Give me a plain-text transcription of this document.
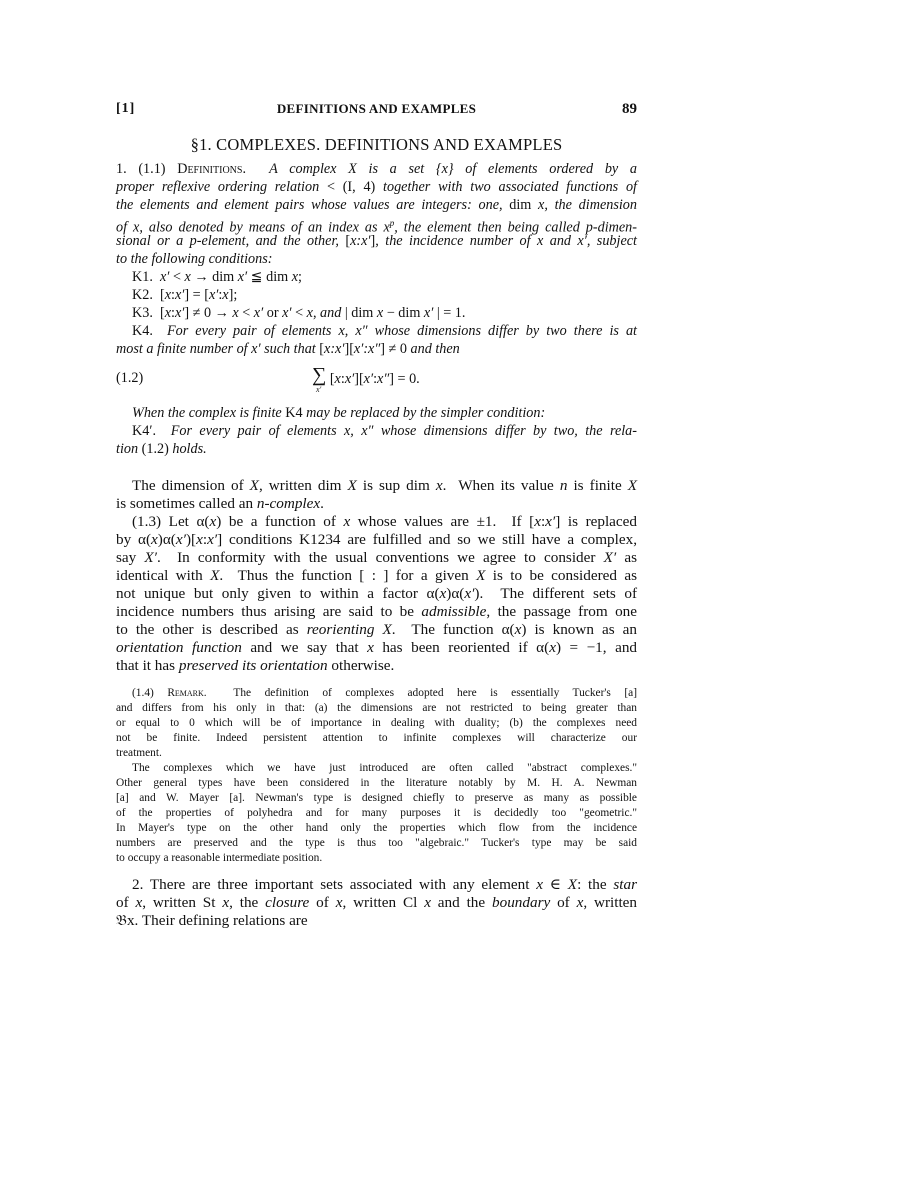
[1]	DEFINITIONS AND EXAMPLES	89
§1. COMPLEXES. DEFINITIONS AND EXAMPLES
1. (1.1) Definitions.  A complex X is a set {x} of elements ordered by a
proper reflexive ordering relation < (I, 4) together with two associated functions of
the elements and element pairs whose values are integers: one, dim x, the dimension
of x, also denoted by means of an index as $x^p$, the element then being called p-dimen-
sional or a p-element, and the other, [x:x′], the incidence number of x and x′, subject
to the following conditions:
K1.  x′ < x → dim x′ ≦ dim x;
K2.  [x:x′] = [x′:x];
K3.  [x:x′] ≠ 0 → x < x′ or x′ < x, and | dim x − dim x′ | = 1.
K4.  For every pair of elements x, x″ whose dimensions differ by two there is at
most a finite number of x′ such that [x:x′][x′:x″] ≠ 0 and then
(1.2)	∑ [x:x′][x′:x″] = 0.
x′
When the complex is finite K4 may be replaced by the simpler condition:
K4′.  For every pair of elements x, x″ whose dimensions differ by two, the rela-
tion (1.2) holds.
The dimension of X, written dim X is sup dim x.  When its value n is finite X
is sometimes called an n-complex.
(1.3) Let α(x) be a function of x whose values are ±1.  If [x:x′] is replaced
by α(x)α(x′)[x:x′] conditions K1234 are fulfilled and so we still have a complex,
say X′.  In conformity with the usual conventions we agree to consider X′ as
identical with X.  Thus the function [ : ] for a given X is to be considered as
not unique but only given to within a factor α(x)α(x′).  The different sets of
incidence numbers thus arising are said to be admissible, the passage from one
to the other is described as reorienting X.  The function α(x) is known as an
orientation function and we say that x has been reoriented if α(x) = −1, and
that it has preserved its orientation otherwise.
(1.4) Remark.  The definition of complexes adopted here is essentially Tucker's [a]
and differs from his only in that: (a) the dimensions are not restricted to being greater than
or equal to 0 which will be of importance in dealing with duality; (b) the complexes need
not be finite. Indeed persistent attention to infinite complexes will characterize our
treatment.
The complexes which we have just introduced are often called "abstract complexes."
Other general types have been considered in the literature notably by M. H. A. Newman
[a] and W. Mayer [a]. Newman's type is designed chiefly to preserve as many as possible
of the properties of polyhedra and for many purposes it is decidedly too "geometric."
In Mayer's type on the other hand only the properties which flow from the incidence
numbers are preserved and the type is thus too "algebraic." Tucker's type may be said
to occupy a reasonable intermediate position.
2. There are three important sets associated with any element x ∈ X: the star
of x, written St x, the closure of x, written Cl x and the boundary of x, written
𝔅x. Their defining relations are
